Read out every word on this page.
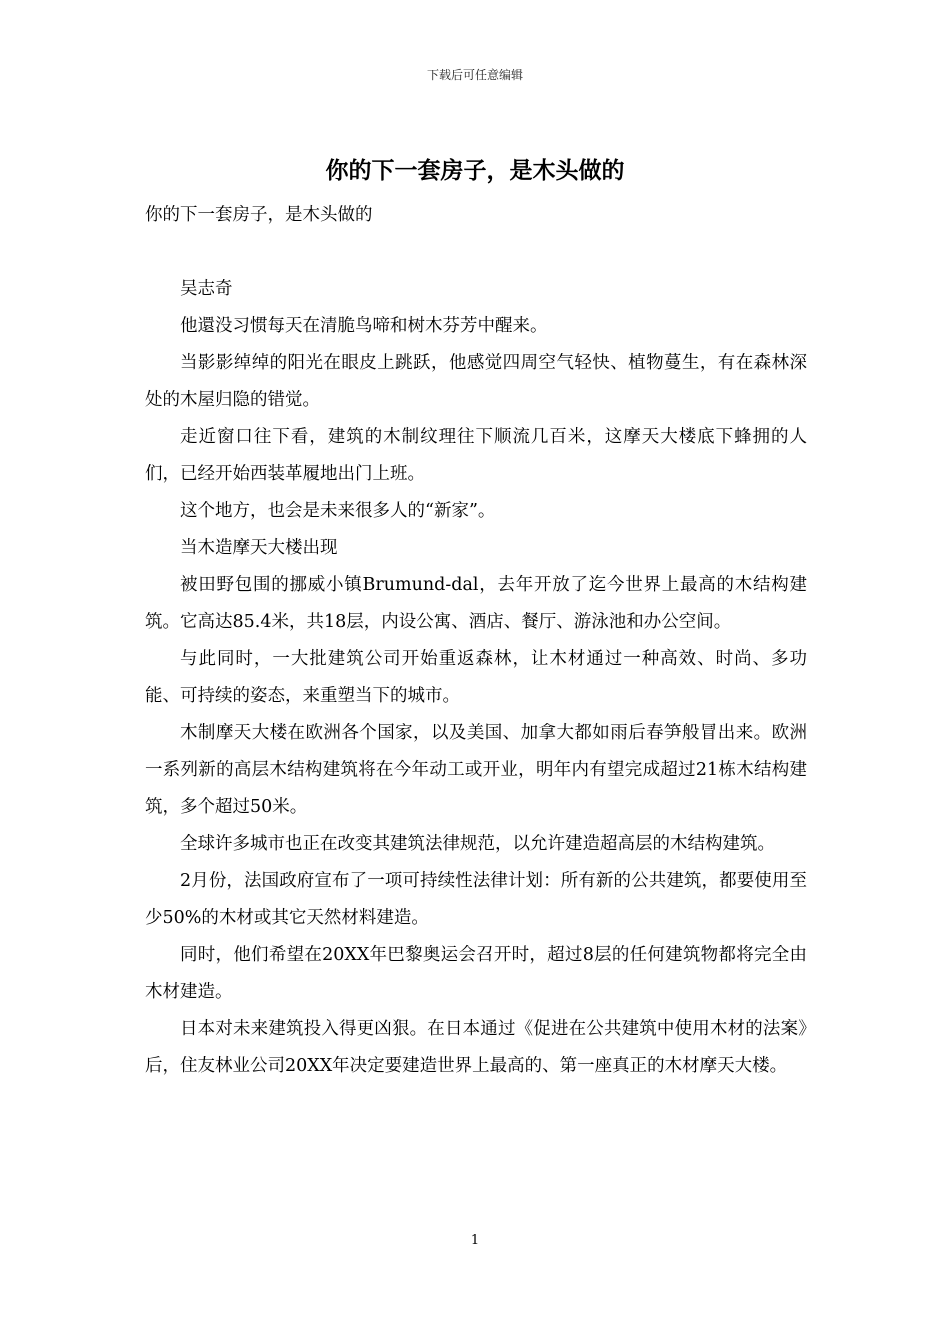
下载后可任意编辑
你的下一套房子，是木头做的

你的下一套房子，是木头做的

吴志奇

他還没习惯每天在清脆鸟啼和树木芬芳中醒来。

当影影绰绰的阳光在眼皮上跳跃，他感觉四周空气轻快、植物蔓生，有在森林深处的木屋归隐的错觉。

走近窗口往下看，建筑的木制纹理往下顺流几百米，这摩天大楼底下蜂拥的人们，已经开始西装革履地出门上班。

这个地方，也会是未来很多人的“新家”。

当木造摩天大楼出现

被田野包围的挪威小镇Brumund-dal，去年开放了迄今世界上最高的木结构建筑。它高达85.4米，共18层，内设公寓、酒店、餐厅、游泳池和办公空间。

与此同时，一大批建筑公司开始重返森林，让木材通过一种高效、时尚、多功能、可持续的姿态，来重塑当下的城市。

木制摩天大楼在欧洲各个国家，以及美国、加拿大都如雨后春笋般冒出来。欧洲一系列新的高层木结构建筑将在今年动工或开业，明年内有望完成超过21栋木结构建筑，多个超过50米。

全球许多城市也正在改变其建筑法律规范，以允许建造超高层的木结构建筑。

2月份，法国政府宣布了一项可持续性法律计划：所有新的公共建筑，都要使用至少50%的木材或其它天然材料建造。

同时，他们希望在20XX年巴黎奥运会召开时，超过8层的任何建筑物都将完全由木材建造。

日本对未来建筑投入得更凶狠。在日本通过《促进在公共建筑中使用木材的法案》后，住友林业公司20XX年决定要建造世界上最高的、第一座真正的木材摩天大楼。

1
